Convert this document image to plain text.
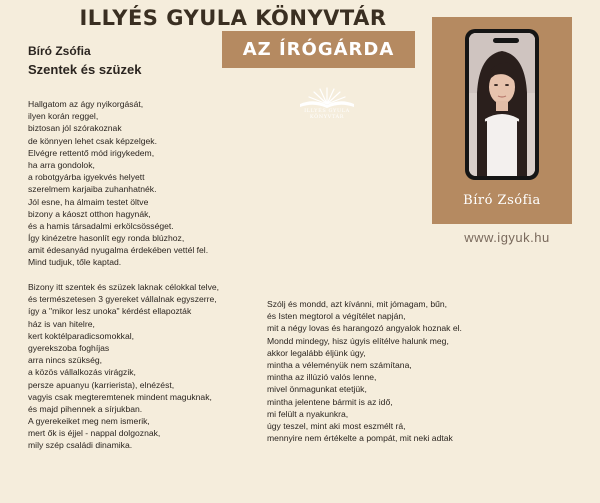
ILLYÉS GYULA KÖNYVTÁR
AZ ÍRÓGÁRDA
Bíró Zsófia
Szentek és szüzek
Hallgatom az ágy nyikorgását,
ilyen korán reggel,
biztosan jól szórakoznak
de könnyen lehet csak képzelgek.
Elvégre rettentő mód irigykedem,
ha arra gondolok,
a robotgyárba igyekvés helyett
szerelmem karjaiba zuhanhatnék.
Jól esne, ha álmaim testet öltve
bizony a káoszt otthon hagynák,
és a hamis társadalmi erkölcsösséget.
Így kinézetre hasonlít egy ronda blúzhoz,
amit édesanyád nyugalma érdekében vettél fel.
Mind tudjuk, tőle kaptad.
Bizony itt szentek és szüzek laknak célokkal telve,
és természetesen 3 gyereket vállalnak egyszerre,
így a "mikor lesz unoka" kérdést ellapozták
ház is van hitelre,
kert koktélparadicsomokkal,
gyerekszoba foghíjas
arra nincs szükség,
a közös vállalkozás virágzik,
persze apuanyu (karrierista), elnézést,
vagyis csak megteremtenek mindent maguknak,
és majd pihennek a sírjukban.
A gyerekeiket meg nem ismerik,
mert ők is éjjel - nappal dolgoznak,
mily szép családi dinamika.
Szólj és mondd, azt kívánni, mit jómagam, bűn,
és Isten megtorol a végítélet napján,
mit a négy lovas és harangozó angyalok hoznak el.
Mondd mindegy, hisz úgyis elítélve halunk meg,
akkor legalább éljünk úgy,
mintha a véleményük nem számítana,
mintha az illúzió valós lenne,
mivel önmagunkat etetjük,
mintha jelentene bármit is az idő,
mi felült a nyakunkra,
úgy teszel, mint aki most eszmélt rá,
mennyire nem értékelte a pompát, mit neki adtak
ILLYÉS GYULA
KÖNYVTÁR
Bíró Zsófia
www.igyuk.hu
